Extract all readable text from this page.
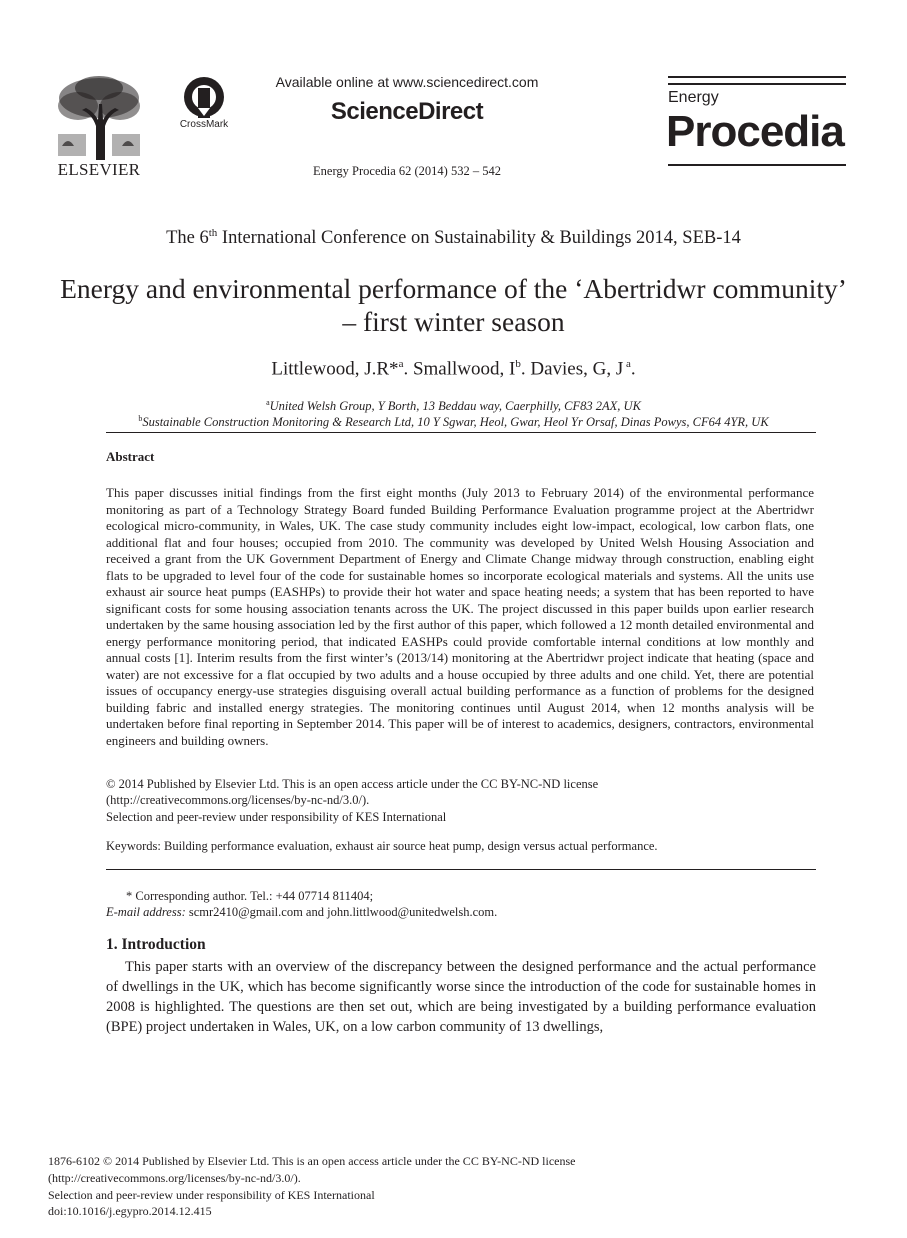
ELSEVIER
CrossMark
Available online at www.sciencedirect.com
ScienceDirect
Energy Procedia 62 (2014) 532 – 542
Energy
Procedia
The 6th International Conference on Sustainability & Buildings 2014, SEB-14
Energy and environmental performance of the ‘Abertridwr community’ – first winter season
Littlewood, J.R*$^a$. Smallwood, $I^b$. Davies, G, J $^a$.
$^a$United Welsh Group, Y Borth, 13 Beddau way, Caerphilly, CF83 2AX, UK
$^b$Sustainable Construction Monitoring & Research Ltd, 10 Y Sgwar, Heol, Gwar, Heol Yr Orsaf, Dinas Powys, CF64 4YR, UK
Abstract
This paper discusses initial findings from the first eight months (July 2013 to February 2014) of the environmental performance monitoring as part of a Technology Strategy Board funded Building Performance Evaluation programme project at the Abertridwr ecological micro-community, in Wales, UK. The case study community includes eight low-impact, ecological, low carbon flats, one additional flat and four houses; occupied from 2010. The community was developed by United Welsh Housing Association and received a grant from the UK Government Department of Energy and Climate Change midway through construction, enabling eight flats to be upgraded to level four of the code for sustainable homes so incorporate ecological materials and systems. All the units use exhaust air source heat pumps (EASHPs) to provide their hot water and space heating needs; a system that has been reported to have significant costs for some housing association tenants across the UK. The project discussed in this paper builds upon earlier research undertaken by the same housing association led by the first author of this paper, which followed a 12 month detailed environmental and energy performance monitoring period, that indicated EASHPs could provide comfortable internal conditions at low monthly and annual costs [1]. Interim results from the first winter’s (2013/14) monitoring at the Abertridwr project indicate that heating (space and water) are not excessive for a flat occupied by two adults and a house occupied by three adults and one child. Yet, there are potential issues of occupancy energy-use strategies disguising overall actual building performance as a function of problems for the designed building fabric and installed energy strategies. The monitoring continues until August 2014, when 12 months analysis will be undertaken before final reporting in September 2014. This paper will be of interest to academics, designers, contractors, environmental engineers and building owners.
© 2014 Published by Elsevier Ltd. This is an open access article under the CC BY-NC-ND license
(http://creativecommons.org/licenses/by-nc-nd/3.0/).
Selection and peer-review under responsibility of KES International
Keywords: Building performance evaluation, exhaust air source heat pump, design versus actual performance.
* Corresponding author. Tel.: +44 07714 811404;
E-mail address: scmr2410@gmail.com and john.littlwood@unitedwelsh.com.
1. Introduction
This paper starts with an overview of the discrepancy between the designed performance and the actual performance of dwellings in the UK, which has become significantly worse since the introduction of the code for sustainable homes in 2008 is highlighted. The questions are then set out, which are being investigated by a building performance evaluation (BPE) project undertaken in Wales, UK, on a low carbon community of 13 dwellings,
1876-6102 © 2014 Published by Elsevier Ltd. This is an open access article under the CC BY-NC-ND license
(http://creativecommons.org/licenses/by-nc-nd/3.0/).
Selection and peer-review under responsibility of KES International
doi:10.1016/j.egypro.2014.12.415
